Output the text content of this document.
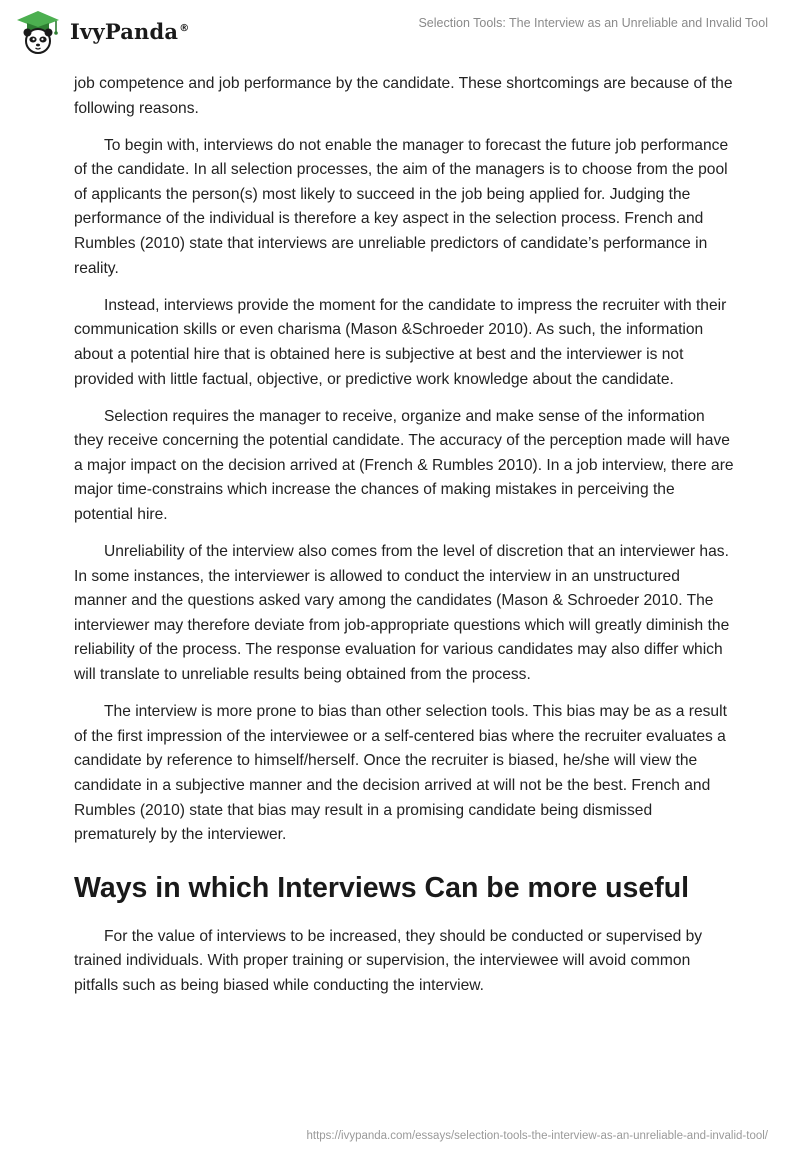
IvyPanda®	Selection Tools: The Interview as an Unreliable and Invalid Tool

job competence and job performance by the candidate. These shortcomings are because of the following reasons.

To begin with, interviews do not enable the manager to forecast the future job performance of the candidate. In all selection processes, the aim of the managers is to choose from the pool of applicants the person(s) most likely to succeed in the job being applied for. Judging the performance of the individual is therefore a key aspect in the selection process. French and Rumbles (2010) state that interviews are unreliable predictors of candidate’s performance in reality.

Instead, interviews provide the moment for the candidate to impress the recruiter with their communication skills or even charisma (Mason &Schroeder 2010). As such, the information about a potential hire that is obtained here is subjective at best and the interviewer is not provided with little factual, objective, or predictive work knowledge about the candidate.

Selection requires the manager to receive, organize and make sense of the information they receive concerning the potential candidate. The accuracy of the perception made will have a major impact on the decision arrived at (French & Rumbles 2010). In a job interview, there are major time-constrains which increase the chances of making mistakes in perceiving the potential hire.

Unreliability of the interview also comes from the level of discretion that an interviewer has. In some instances, the interviewer is allowed to conduct the interview in an unstructured manner and the questions asked vary among the candidates (Mason & Schroeder 2010. The interviewer may therefore deviate from job-appropriate questions which will greatly diminish the reliability of the process. The response evaluation for various candidates may also differ which will translate to unreliable results being obtained from the process.

The interview is more prone to bias than other selection tools. This bias may be as a result of the first impression of the interviewee or a self-centered bias where the recruiter evaluates a candidate by reference to himself/herself. Once the recruiter is biased, he/she will view the candidate in a subjective manner and the decision arrived at will not be the best. French and Rumbles (2010) state that bias may result in a promising candidate being dismissed prematurely by the interviewer.

Ways in which Interviews Can be more useful

For the value of interviews to be increased, they should be conducted or supervised by trained individuals. With proper training or supervision, the interviewee will avoid common pitfalls such as being biased while conducting the interview.

https://ivypanda.com/essays/selection-tools-the-interview-as-an-unreliable-and-invalid-tool/
